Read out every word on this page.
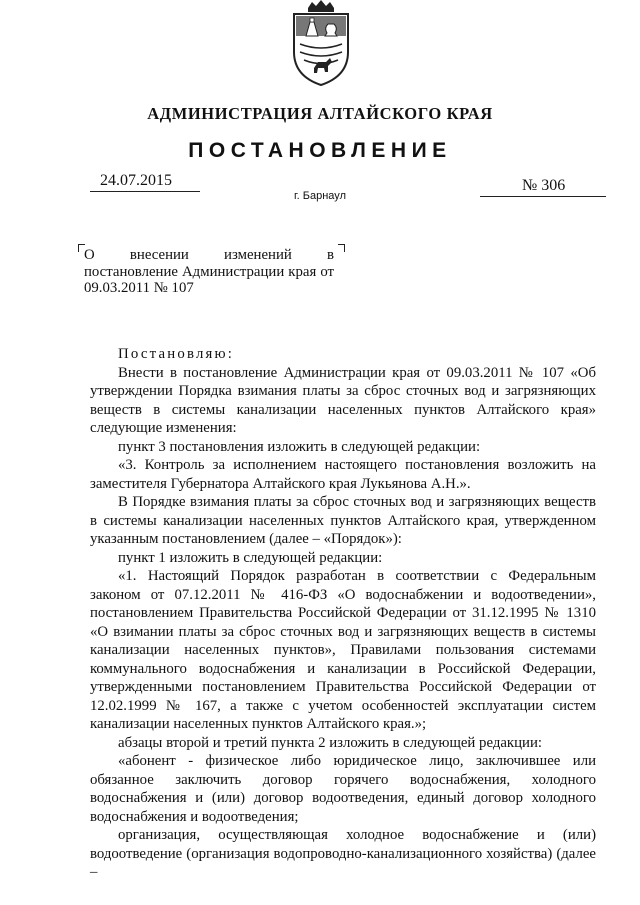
АДМИНИСТРАЦИЯ АЛТАЙСКОГО КРАЯ
ПОСТАНОВЛЕНИЕ
24.07.2015	№ 306
г. Барнаул
О внесении изменений в постановление Администрации края от 09.03.2011 № 107

Постановляю:

Внести в постановление Администрации края от 09.03.2011 № 107 «Об утверждении Порядка взимания платы за сброс сточных вод и загрязняющих веществ в системы канализации населенных пунктов Алтайского края» следующие изменения:

пункт 3 постановления изложить в следующей редакции:

«3. Контроль за исполнением настоящего постановления возложить на заместителя Губернатора Алтайского края Лукьянова А.Н.».

В Порядке взимания платы за сброс сточных вод и загрязняющих веществ в системы канализации населенных пунктов Алтайского края, утвержденном указанным постановлением (далее – «Порядок»):

пункт 1 изложить в следующей редакции:

«1. Настоящий Порядок разработан в соответствии с Федеральным законом от 07.12.2011 № 416-ФЗ «О водоснабжении и водоотведении», постановлением Правительства Российской Федерации от 31.12.1995 № 1310 «О взимании платы за сброс сточных вод и загрязняющих веществ в системы канализации населенных пунктов», Правилами пользования системами коммунального водоснабжения и канализации в Российской Федерации, утвержденными постановлением Правительства Российской Федерации от 12.02.1999 № 167, а также с учетом особенностей эксплуатации систем канализации населенных пунктов Алтайского края.»;

абзацы второй и третий пункта 2 изложить в следующей редакции:

«абонент - физическое либо юридическое лицо, заключившее или обязанное заключить договор горячего водоснабжения, холодного водоснабжения и (или) договор водоотведения, единый договор холодного водоснабжения и водоотведения;

организация, осуществляющая холодное водоснабжение и (или) водоотведение (организация водопроводно-канализационного хозяйства) (далее –
